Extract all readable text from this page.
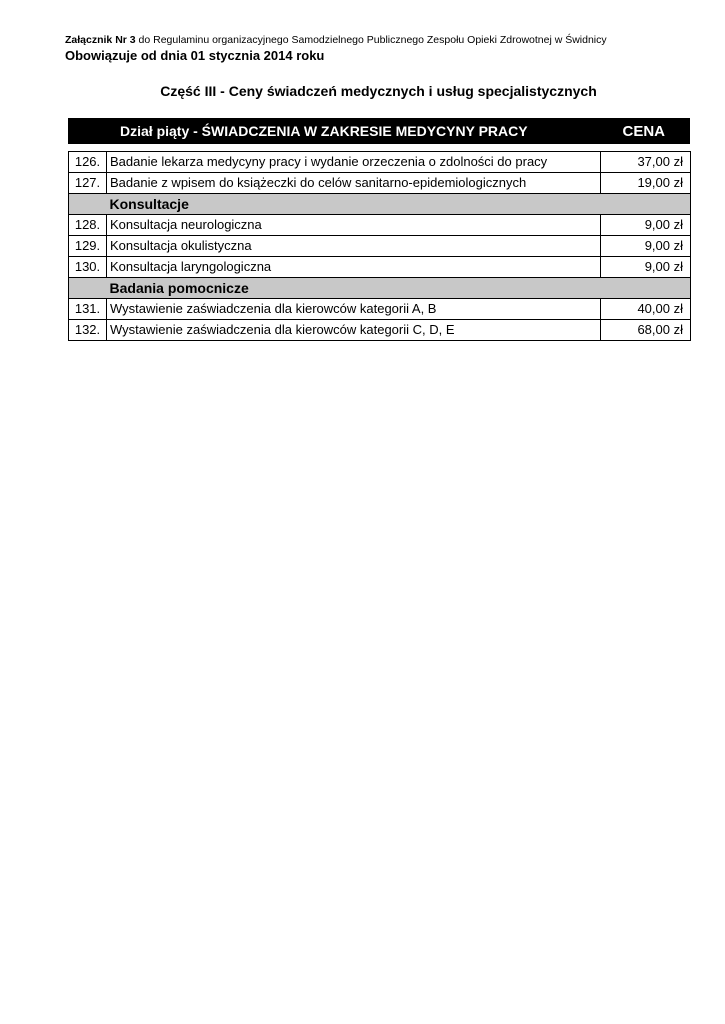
Załącznik Nr 3 do Regulaminu organizacyjnego Samodzielnego Publicznego Zespołu Opieki Zdrowotnej w Świdnicy
Obowiązuje od dnia 01 stycznia 2014 roku
Część III - Ceny świadczeń medycznych i usług specjalistycznych
Dział piąty - ŚWIADCZENIA W ZAKRESIE MEDYCYNY PRACY	CENA
126.	Badanie lekarza medycyny pracy i wydanie orzeczenia o zdolności do pracy	37,00 zł
127.	Badanie z wpisem do książeczki do celów sanitarno-epidemiologicznych	19,00 zł
	Konsultacje	
128.	Konsultacja neurologiczna	9,00 zł
129.	Konsultacja okulistyczna	9,00 zł
130.	Konsultacja laryngologiczna	9,00 zł
	Badania pomocnicze	
131.	Wystawienie zaświadczenia dla kierowców kategorii A, B	40,00 zł
132.	Wystawienie zaświadczenia dla kierowców kategorii C, D, E	68,00 zł
